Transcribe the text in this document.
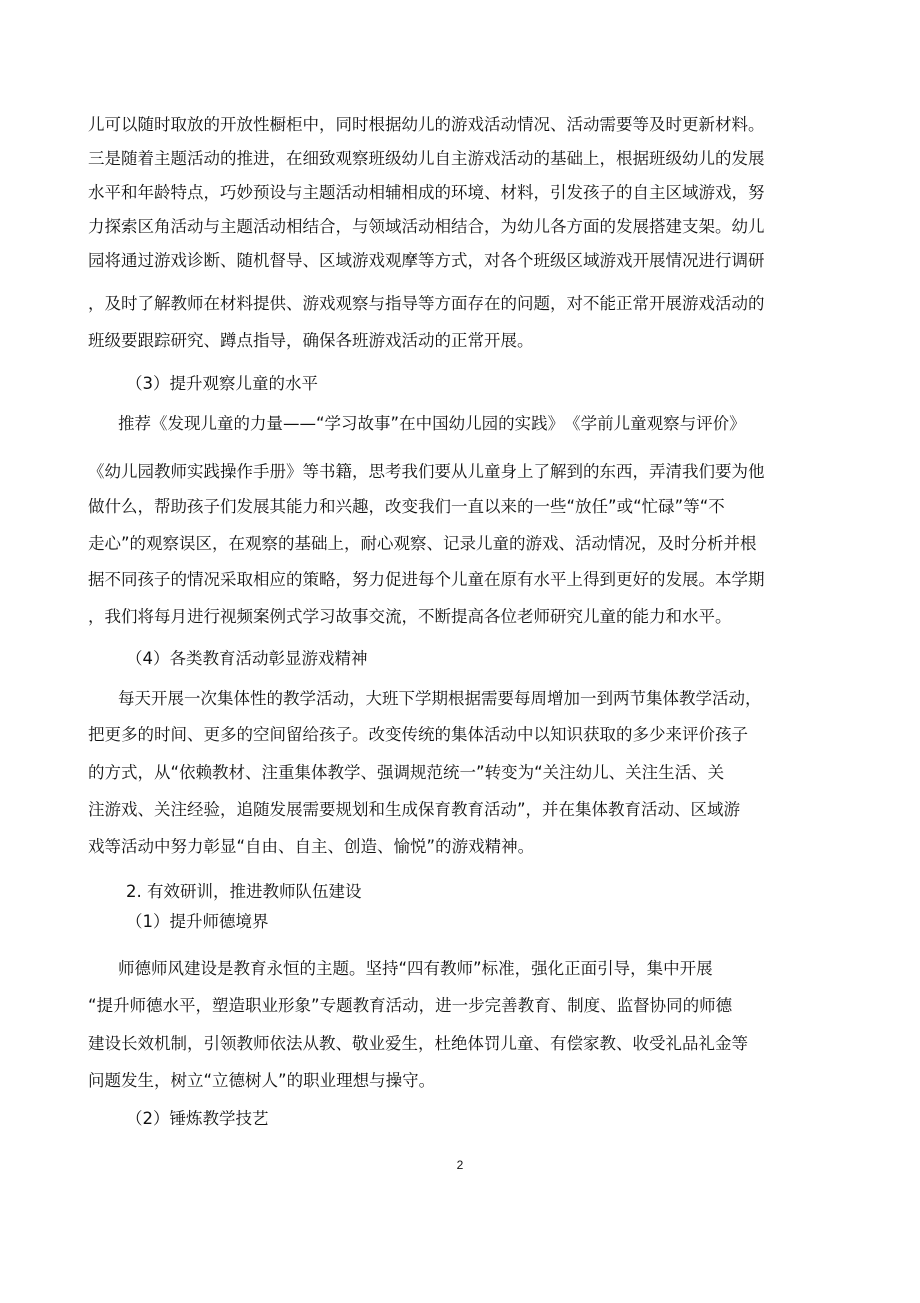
儿可以随时取放的开放性橱柜中，同时根据幼儿的游戏活动情况、活动需要等及时更新材料。

三是随着主题活动的推进，在细致观察班级幼儿自主游戏活动的基础上，根据班级幼儿的发展

水平和年龄特点，巧妙预设与主题活动相辅相成的环境、材料，引发孩子的自主区域游戏，努

力探索区角活动与主题活动相结合，与领域活动相结合，为幼儿各方面的发展搭建支架。幼儿

园将通过游戏诊断、随机督导、区域游戏观摩等方式，对各个班级区域游戏开展情况进行调研

，及时了解教师在材料提供、游戏观察与指导等方面存在的问题，对不能正常开展游戏活动的

班级要跟踪研究、蹲点指导，确保各班游戏活动的正常开展。

（3）提升观察儿童的水平

推荐《发现儿童的力量——“学习故事”在中国幼儿园的实践》　《学前儿童观察与评价》

《幼儿园教师实践操作手册》等书籍，思考我们要从儿童身上了解到的东西，弄清我们要为他

做什么，帮助孩子们发展其能力和兴趣，改变我们一直以来的一些“放任”或“忙碌”等“不

走心”的观察误区，在观察的基础上，耐心观察、记录儿童的游戏、活动情况，及时分析并根

据不同孩子的情况采取相应的策略，努力促进每个儿童在原有水平上得到更好的发展。本学期

，我们将每月进行视频案例式学习故事交流，不断提高各位老师研究儿童的能力和水平。

（4）各类教育活动彰显游戏精神

每天开展一次集体性的教学活动，大班下学期根据需要每周增加一到两节集体教学活动，

把更多的时间、更多的空间留给孩子。改变传统的集体活动中以知识获取的多少来评价孩子

的方式，从“依赖教材、注重集体教学、强调规范统一”转变为“关注幼儿、关注生活、关

注游戏、关注经验，追随发展需要规划和生成保育教育活动”，并在集体教育活动、区域游

戏等活动中努力彰显“自由、自主、创造、愉悦”的游戏精神。

2. 有效研训，推进教师队伍建设

（1）提升师德境界

师德师风建设是教育永恒的主题。坚持“四有教师”标准，强化正面引导，集中开展

“提升师德水平，塑造职业形象”专题教育活动，进一步完善教育、制度、监督协同的师德

建设长效机制，引领教师依法从教、敬业爱生，杜绝体罚儿童、有偿家教、收受礼品礼金等

问题发生，树立“立德树人”的职业理想与操守。

（2）锤炼教学技艺

2
